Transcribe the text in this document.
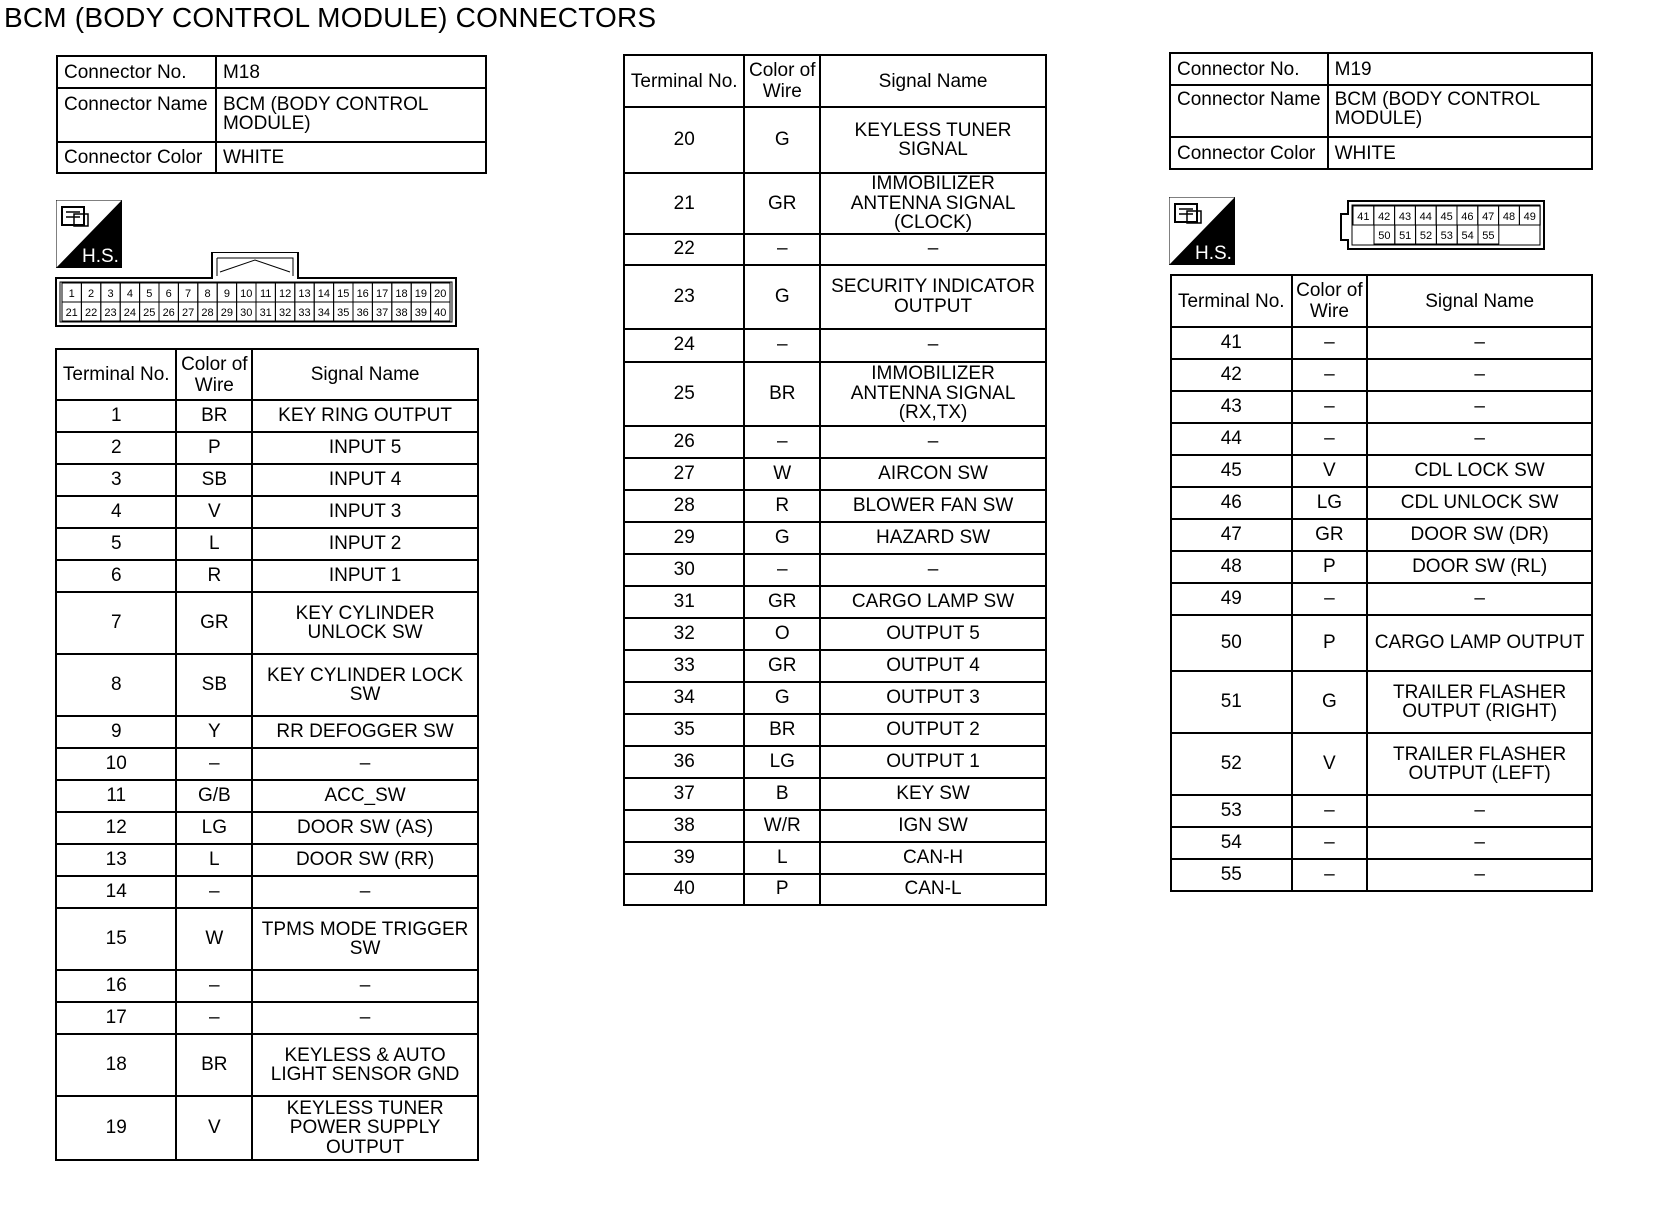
BCM (BODY CONTROL MODULE) CONNECTORS
Connector No.	M18
Connector Name	BCM (BODY CONTROL MODULE)
Connector Color	WHITE
H.S.
1 2 3 4 5 6 7 8 9 10 11 12 13 14 15 16 17 18 19 20
21 22 23 24 25 26 27 28 29 30 31 32 33 34 35 36 37 38 39 40
Terminal No.	Color of Wire	Signal Name
1	BR	KEY RING OUTPUT
2	P	INPUT 5
3	SB	INPUT 4
4	V	INPUT 3
5	L	INPUT 2
6	R	INPUT 1
7	GR	KEY CYLINDER UNLOCK SW
8	SB	KEY CYLINDER LOCK SW
9	Y	RR DEFOGGER SW
10	–	–
11	G/B	ACC_SW
12	LG	DOOR SW (AS)
13	L	DOOR SW (RR)
14	–	–
15	W	TPMS MODE TRIGGER SW
16	–	–
17	–	–
18	BR	KEYLESS & AUTO LIGHT SENSOR GND
19	V	KEYLESS TUNER POWER SUPPLY OUTPUT
Terminal No.	Color of Wire	Signal Name
20	G	KEYLESS TUNER SIGNAL
21	GR	IMMOBILIZER ANTENNA SIGNAL (CLOCK)
22	–	–
23	G	SECURITY INDICATOR OUTPUT
24	–	–
25	BR	IMMOBILIZER ANTENNA SIGNAL (RX,TX)
26	–	–
27	W	AIRCON SW
28	R	BLOWER FAN SW
29	G	HAZARD SW
30	–	–
31	GR	CARGO LAMP SW
32	O	OUTPUT 5
33	GR	OUTPUT 4
34	G	OUTPUT 3
35	BR	OUTPUT 2
36	LG	OUTPUT 1
37	B	KEY SW
38	W/R	IGN SW
39	L	CAN-H
40	P	CAN-L
Connector No.	M19
Connector Name	BCM (BODY CONTROL MODULE)
Connector Color	WHITE
H.S.
41 42 43 44 45 46 47 48 49
50 51 52 53 54 55
Terminal No.	Color of Wire	Signal Name
41	–	–
42	–	–
43	–	–
44	–	–
45	V	CDL LOCK SW
46	LG	CDL UNLOCK SW
47	GR	DOOR SW (DR)
48	P	DOOR SW (RL)
49	–	–
50	P	CARGO LAMP OUTPUT
51	G	TRAILER FLASHER OUTPUT (RIGHT)
52	V	TRAILER FLASHER OUTPUT (LEFT)
53	–	–
54	–	–
55	–	–
